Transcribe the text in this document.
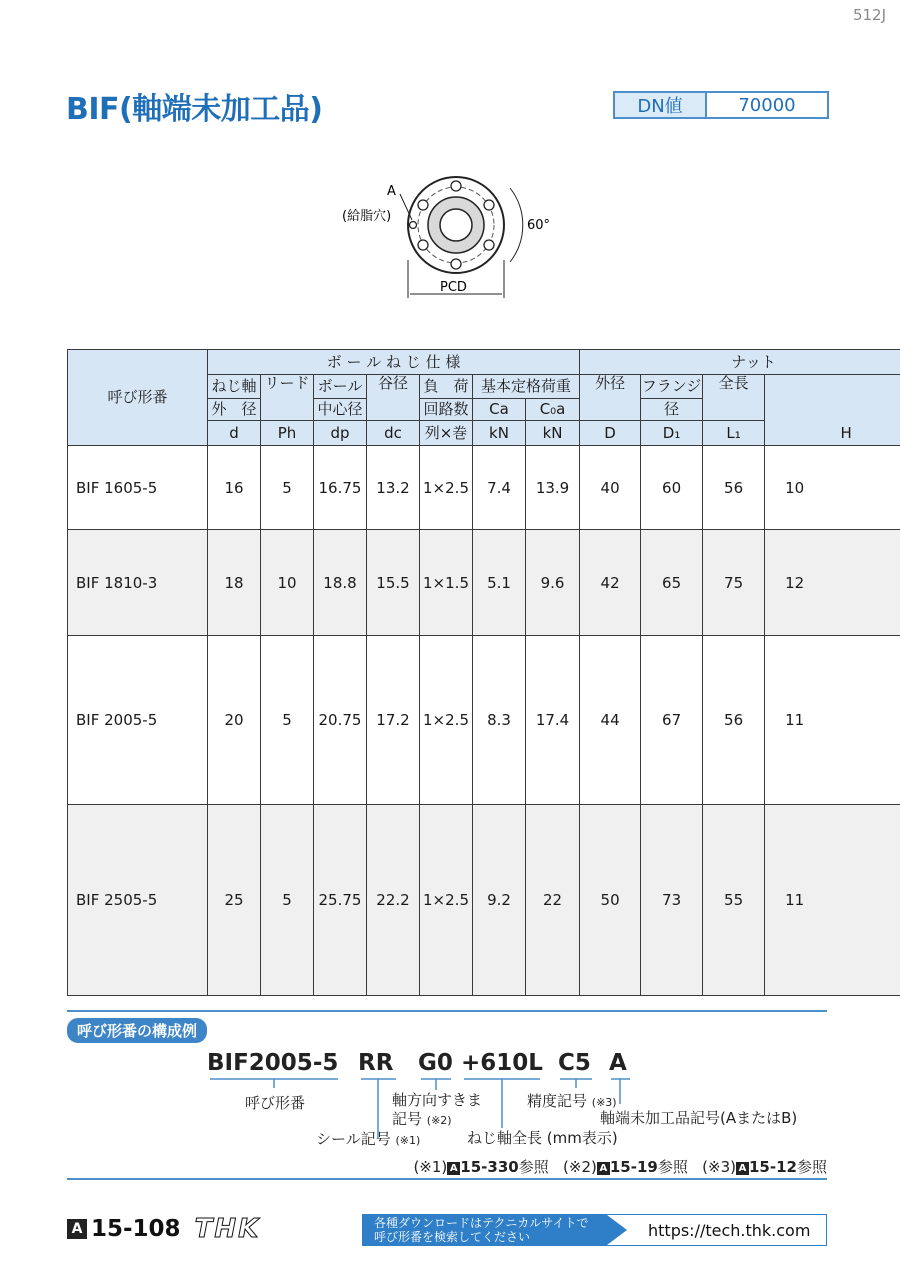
512J
BIF(軸端未加工品)	DN値	70000
A
(給脂穴)
60°
PCD
呼び形番	ボ ー ル ね じ 仕 様							ナット			
	ねじ軸	リード	ボール	谷径	負　荷	基本定格荷重		外径	フランジ	全長	H
	外　径		中心径		回路数	Ca	C₀a		径		
	d	Ph	dp	dc	列×巻	kN	kN	D	D₁	L₁	
BIF 1605-5	16	5	16.75	13.2	1×2.5	7.4	13.9	40	60	56	10
BIF 1810-3	18	10	18.8	15.5	1×1.5	5.1	9.6	42	65	75	12
BIF 2005-5	20	5	20.75	17.2	1×2.5	8.3	17.4	44	67	56	11
BIF 2505-5	25	5	25.75	22.2	1×2.5	9.2	22	50	73	55	11
呼び形番の構成例
BIF2005-5 RR G0 +610L C5 A
呼び形番	軸方向すきま
記号 (※2)
精度記号 (※3)
軸端未加工品記号(AまたはB)
シール記号 (※1)	ねじ軸全長 (mm表示)
(※1) A 15-330参照 (※2) A 15-19参照 (※3) A 15-12参照
A 15-108 THK	各種ダウンロードはテクニカルサイトで
呼び形番を検索してください	https://tech.thk.com
